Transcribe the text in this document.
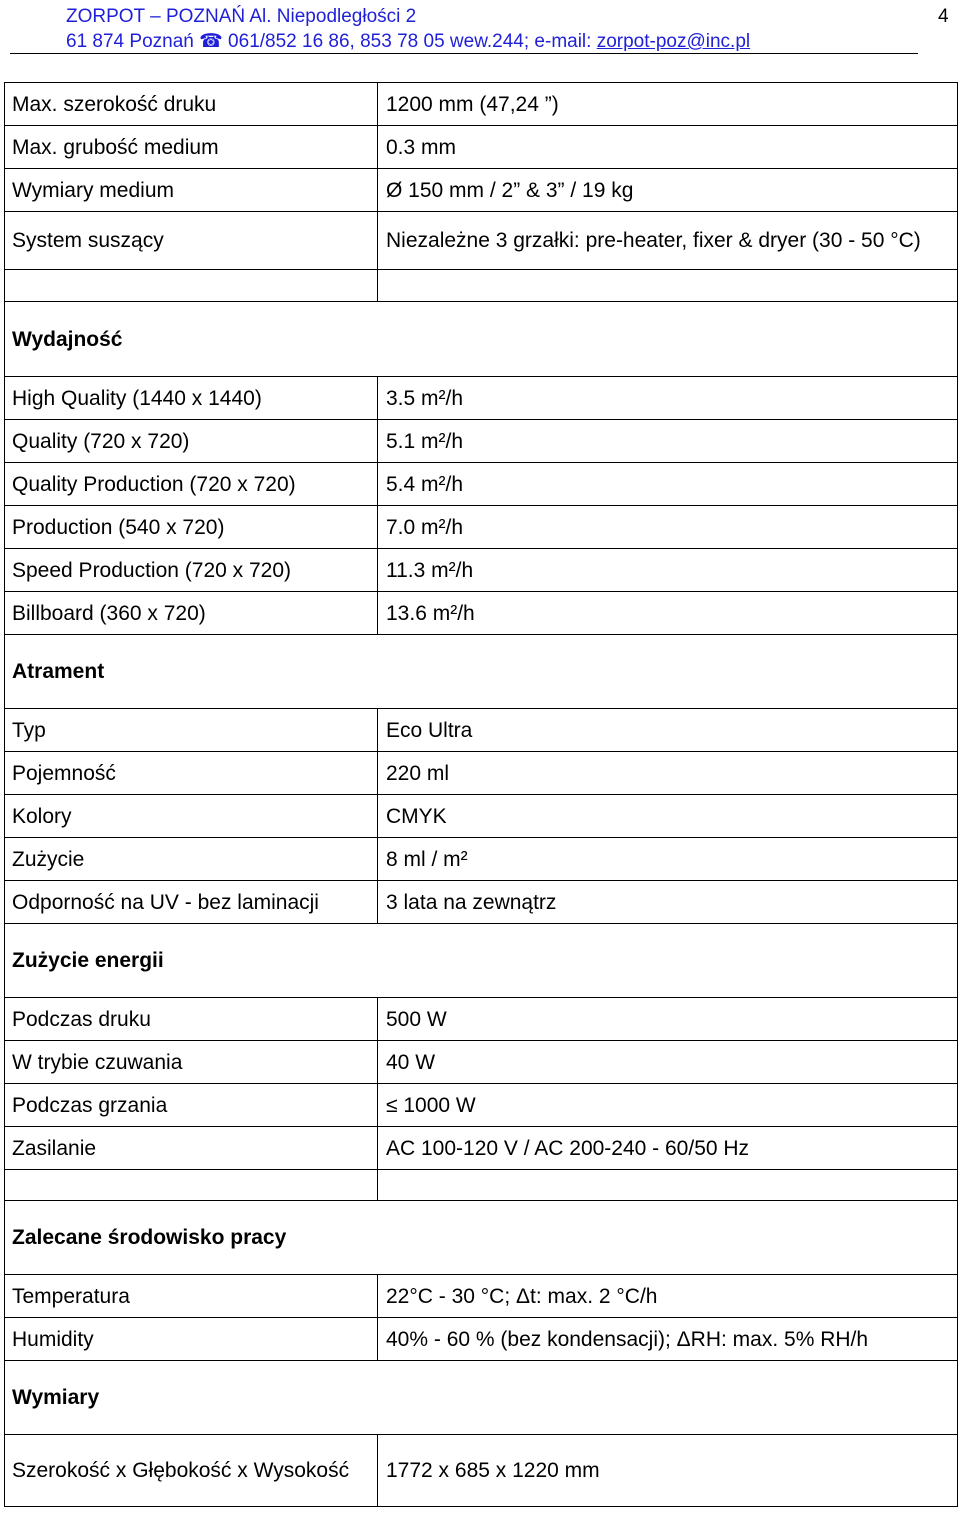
ZORPOT – POZNAŃ Al. Niepodległości 2
61 874 Poznań ☎ 061/852 16 86, 853 78 05 wew.244; e-mail: zorpot-poz@inc.pl
4
Max. szerokość druku	1200 mm (47,24 ”)
Max. grubość medium	0.3 mm
Wymiary medium	Ø 150 mm / 2” & 3” / 19 kg
System suszący	Niezależne 3 grzałki: pre-heater, fixer & dryer (30 - 50 °C)

Wydajność	
High Quality (1440 x 1440)	3.5 m²/h
Quality (720 x 720)	5.1 m²/h
Quality Production (720 x 720)	5.4 m²/h
Production (540 x 720)	7.0 m²/h
Speed Production (720 x 720)	11.3 m²/h
Billboard (360 x 720)	13.6 m²/h
Atrament	
Typ	Eco Ultra
Pojemność	220 ml
Kolory	CMYK
Zużycie	8 ml / m²
Odporność na UV - bez laminacji	3 lata na zewnątrz
Zużycie energii	
Podczas druku	500 W
W trybie czuwania	40 W
Podczas grzania	≤ 1000 W
Zasilanie	AC 100-120 V / AC 200-240 - 60/50 Hz

Zalecane środowisko pracy	
Temperatura	22°C - 30 °C; Δt: max. 2 °C/h
Humidity	40% - 60 % (bez kondensacji); ΔRH: max. 5% RH/h
Wymiary	
Szerokość x Głębokość x Wysokość	1772 x 685 x 1220 mm
